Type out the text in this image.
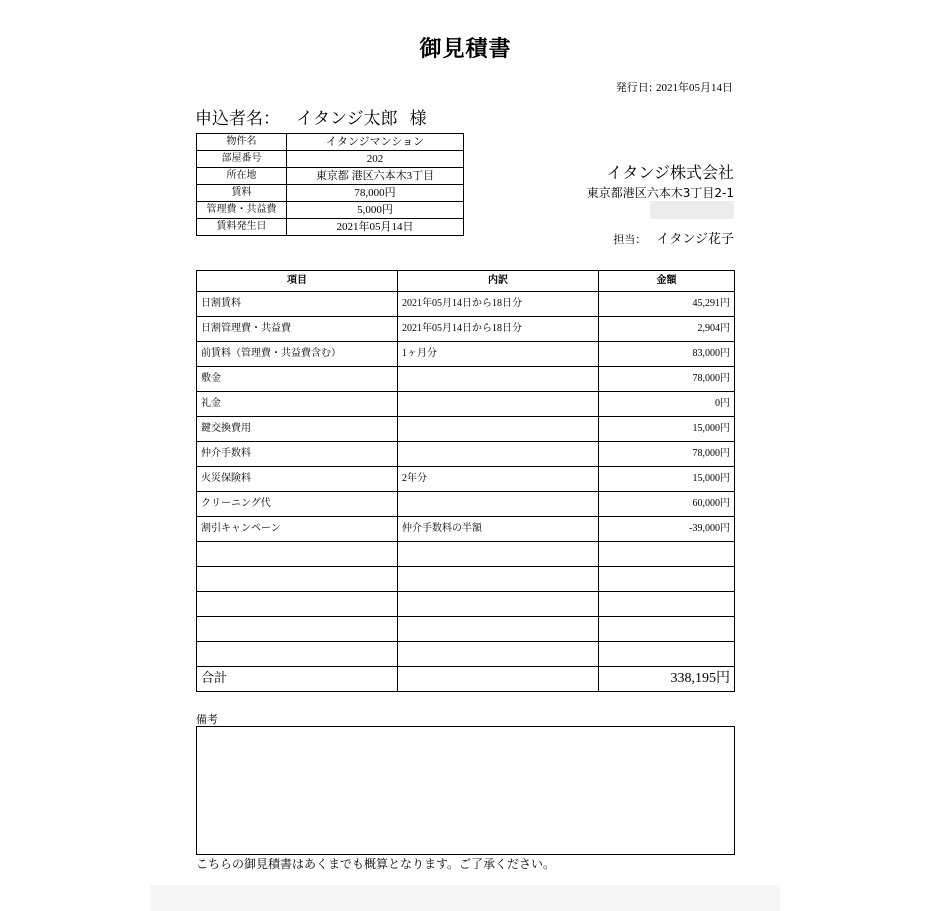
御見積書
発行日: 2021年05月14日
申込者名： イタンジ太郎 様
物件名	イタンジマンション
部屋番号	202
所在地	東京都 港区六本木3丁目
賃料	78,000円
管理費・共益費	5,000円
賃料発生日	2021年05月14日
イタンジ株式会社
東京都港区六本木3丁目2-1
担当： イタンジ花子
項目	内訳	金額
日割賃料	2021年05月14日から18日分	45,291円
日割管理費・共益費	2021年05月14日から18日分	2,904円
前賃料（管理費・共益費含む）	1ヶ月分	83,000円
敷金		78,000円
礼金		0円
鍵交換費用		15,000円
仲介手数料		78,000円
火災保険料	2年分	15,000円
クリーニング代		60,000円
割引キャンペーン	仲介手数料の半額	-39,000円

合計		338,195円
備考
こちらの御見積書はあくまでも概算となります。ご了承ください。
